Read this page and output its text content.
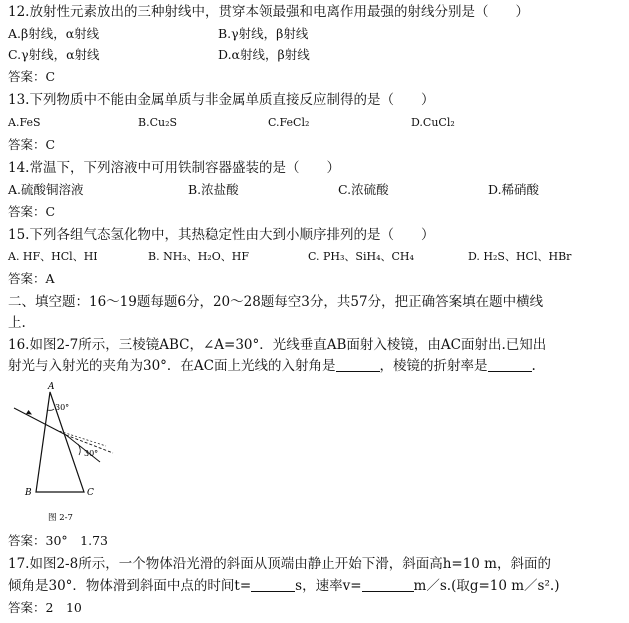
12.放射性元素放出的三种射线中，贯穿本领最强和电离作用最强的射线分别是（　　）
A.β射线，α射线	B.γ射线，β射线
C.γ射线，α射线	D.α射线，β射线
答案：C
13.下列物质中不能由金属单质与非金属单质直接反应制得的是（　　）
A.FeS	B.Cu₂S	C.FeCl₂	D.CuCl₂
答案：C
14.常温下，下列溶液中可用铁制容器盛装的是（　　）
A.硫酸铜溶液	B.浓盐酸	C.浓硫酸	D.稀硝酸
答案：C
15.下列各组气态氢化物中，其热稳定性由大到小顺序排列的是（　　）
A. HF、HCl、HI	B. NH₃、H₂O、HF	C. PH₃、SiH₄、CH₄	D. H₂S、HCl、HBr
答案：A
二、填空题：16～19题每题6分，20～28题每空3分，共57分，把正确答案填在题中横线
上.
16.如图2-7所示，三棱镜ABC，∠A=30°．光线垂直AB面射入棱镜，由AC面射出.已知出
射光与入射光的夹角为30°．在AC面上光线的入射角是	，棱镜的折射率是	.
A
B	C
30°
30°
图 2-7
答案：30°　1.73
17.如图2-8所示，一个物体沿光滑的斜面从顶端由静止开始下滑，斜面高h=10 m，斜面的
倾角是30°．物体滑到斜面中点的时间t=	s，速率v=	m／s.(取g=10 m／s².)
答案：2　10
